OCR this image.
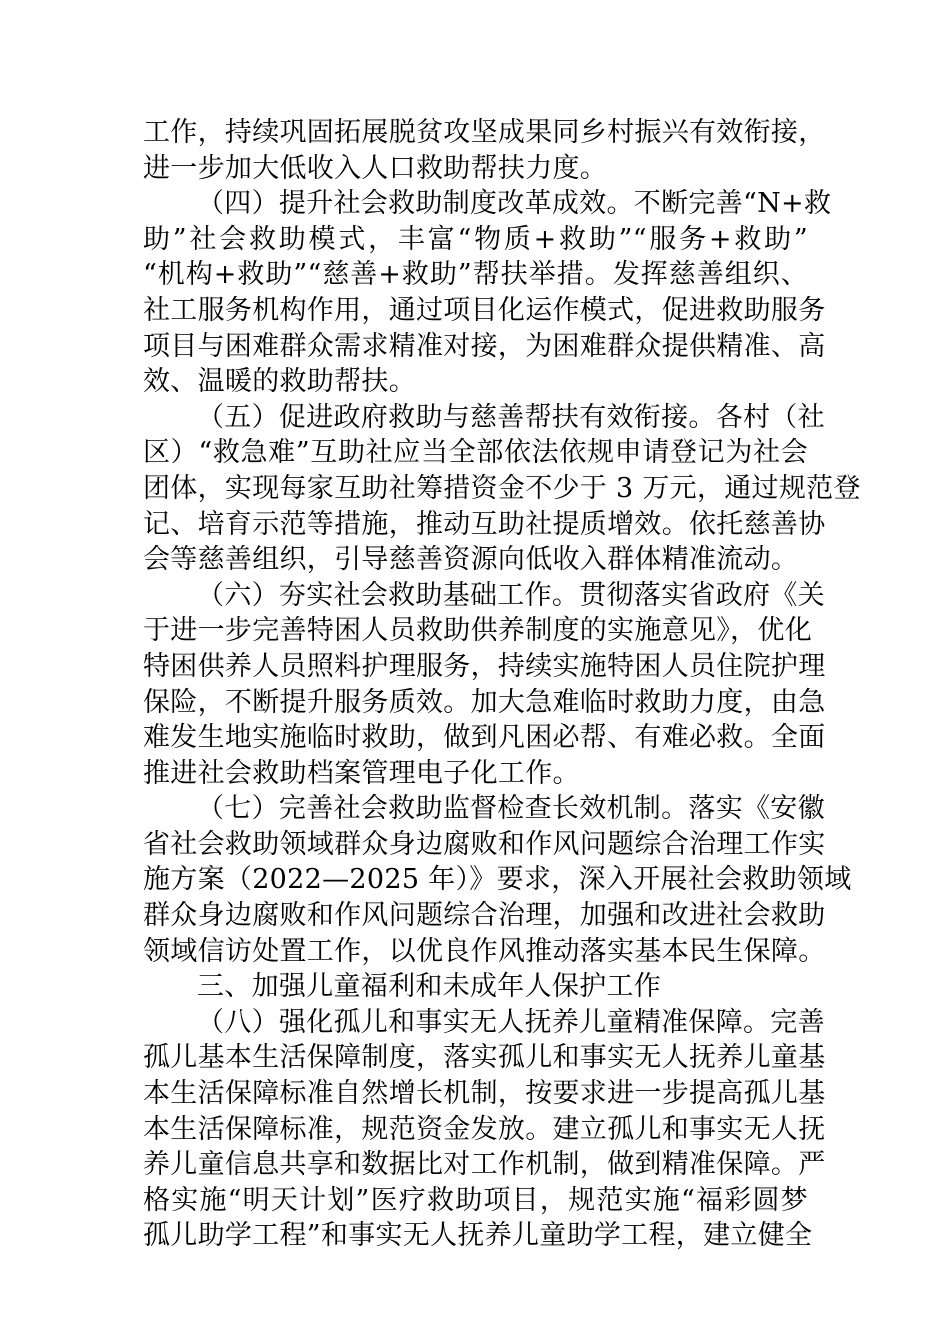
工作，持续巩固拓展脱贫攻坚成果同乡村振兴有效衔接，
进一步加大低收入人口救助帮扶力度。
（四）提升社会救助制度改革成效。不断完善“N+救
助”社会救助模式，丰富“物质+救助”“服务+救助”
“机构+救助”“慈善+救助”帮扶举措。发挥慈善组织、
社工服务机构作用，通过项目化运作模式，促进救助服务
项目与困难群众需求精准对接，为困难群众提供精准、高
效、温暖的救助帮扶。
（五）促进政府救助与慈善帮扶有效衔接。各村（社
区）“救急难”互助社应当全部依法依规申请登记为社会
团体，实现每家互助社筹措资金不少于 3 万元，通过规范登
记、培育示范等措施，推动互助社提质增效。依托慈善协
会等慈善组织，引导慈善资源向低收入群体精准流动。
（六）夯实社会救助基础工作。贯彻落实省政府《关
于进一步完善特困人员救助供养制度的实施意见》，优化
特困供养人员照料护理服务，持续实施特困人员住院护理
保险，不断提升服务质效。加大急难临时救助力度，由急
难发生地实施临时救助，做到凡困必帮、有难必救。全面
推进社会救助档案管理电子化工作。
（七）完善社会救助监督检查长效机制。落实《安徽
省社会救助领域群众身边腐败和作风问题综合治理工作实
施方案（2022—2025 年）》要求，深入开展社会救助领域
群众身边腐败和作风问题综合治理，加强和改进社会救助
领域信访处置工作，以优良作风推动落实基本民生保障。
三、加强儿童福利和未成年人保护工作
（八）强化孤儿和事实无人抚养儿童精准保障。完善
孤儿基本生活保障制度，落实孤儿和事实无人抚养儿童基
本生活保障标准自然增长机制，按要求进一步提高孤儿基
本生活保障标准，规范资金发放。建立孤儿和事实无人抚
养儿童信息共享和数据比对工作机制，做到精准保障。严
格实施“明天计划”医疗救助项目，规范实施“福彩圆梦
孤儿助学工程”和事实无人抚养儿童助学工程，建立健全
